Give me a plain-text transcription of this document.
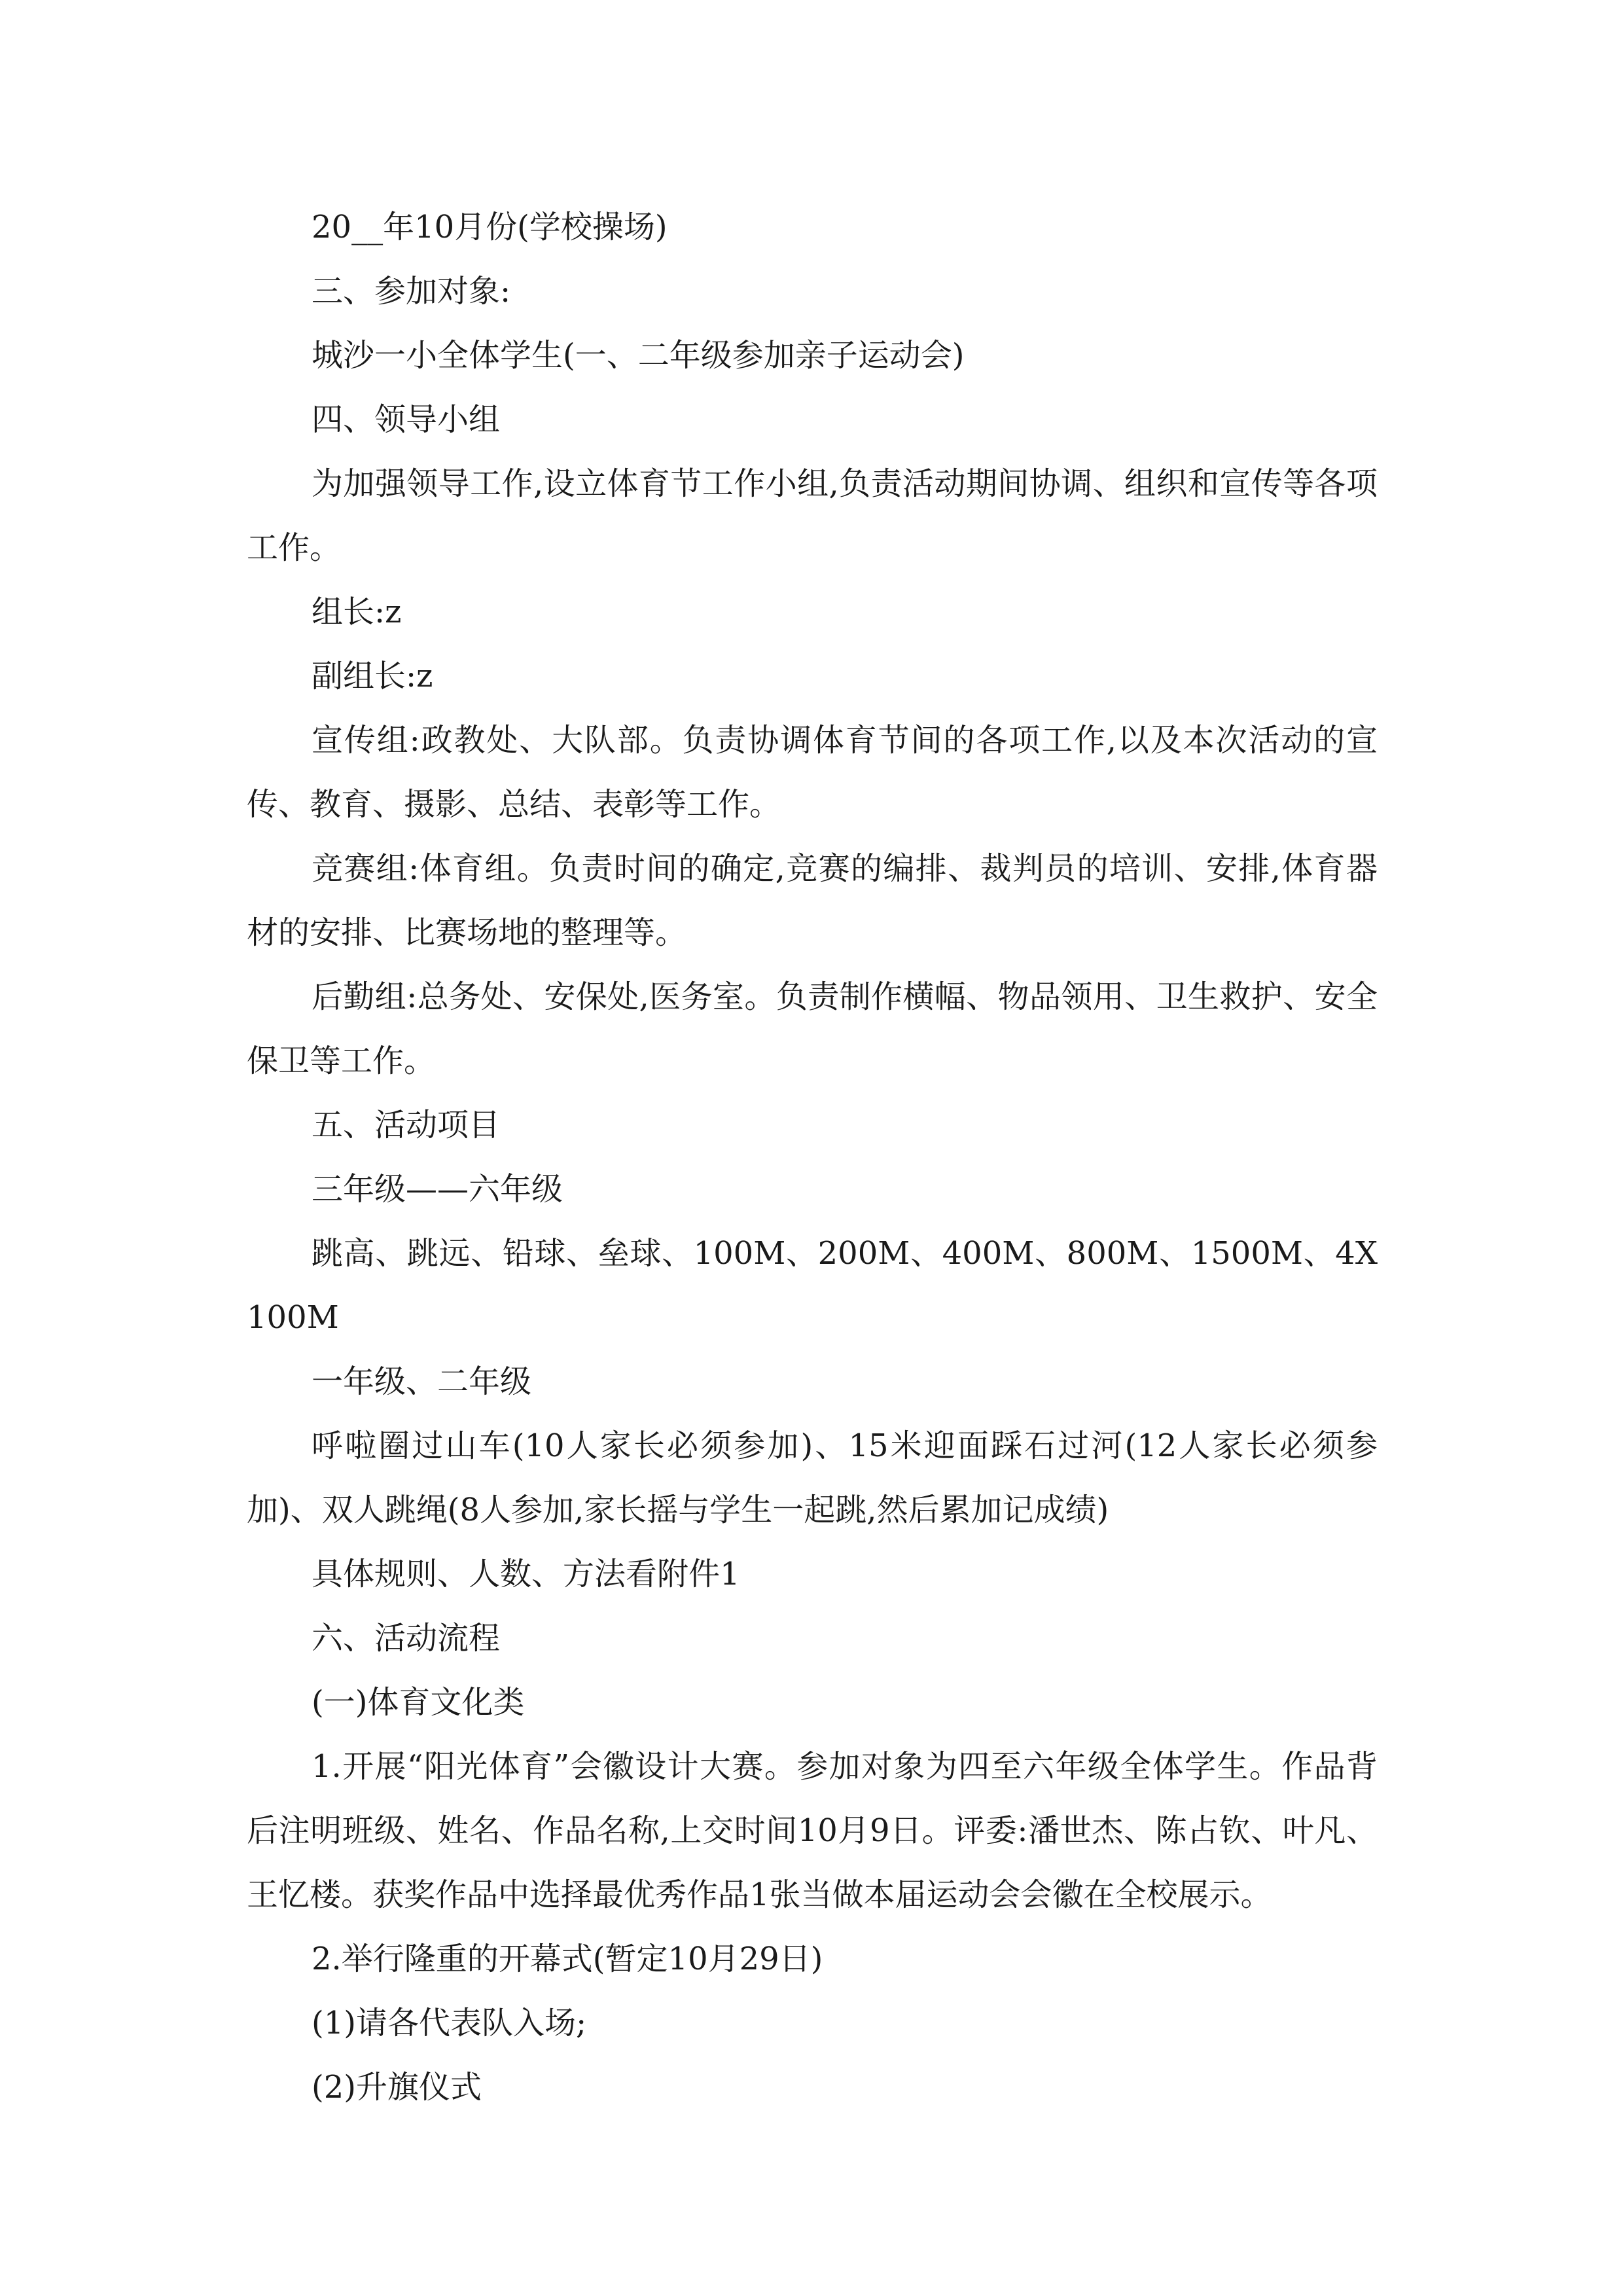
20__年10月份(学校操场)

三、参加对象:

城沙一小全体学生(一、二年级参加亲子运动会)

四、领导小组

为加强领导工作,设立体育节工作小组,负责活动期间协调、组织和宣传等各项工作。

组长:z

副组长:z

宣传组:政教处、大队部。负责协调体育节间的各项工作,以及本次活动的宣传、教育、摄影、总结、表彰等工作。

竞赛组:体育组。负责时间的确定,竞赛的编排、裁判员的培训、安排,体育器材的安排、比赛场地的整理等。

后勤组:总务处、安保处,医务室。负责制作横幅、物品领用、卫生救护、安全保卫等工作。

五、活动项目

三年级——六年级

跳高、跳远、铅球、垒球、100M、200M、400M、800M、1500M、4X100M

一年级、二年级

呼啦圈过山车(10人家长必须参加)、15米迎面踩石过河(12人家长必须参加)、双人跳绳(8人参加,家长摇与学生一起跳,然后累加记成绩)

具体规则、人数、方法看附件1

六、活动流程

(一)体育文化类

1.开展“阳光体育”会徽设计大赛。参加对象为四至六年级全体学生。作品背后注明班级、姓名、作品名称,上交时间10月9日。评委:潘世杰、陈占钦、叶凡、王忆楼。获奖作品中选择最优秀作品1张当做本届运动会会徽在全校展示。

2.举行隆重的开幕式(暂定10月29日)

(1)请各代表队入场;

(2)升旗仪式
